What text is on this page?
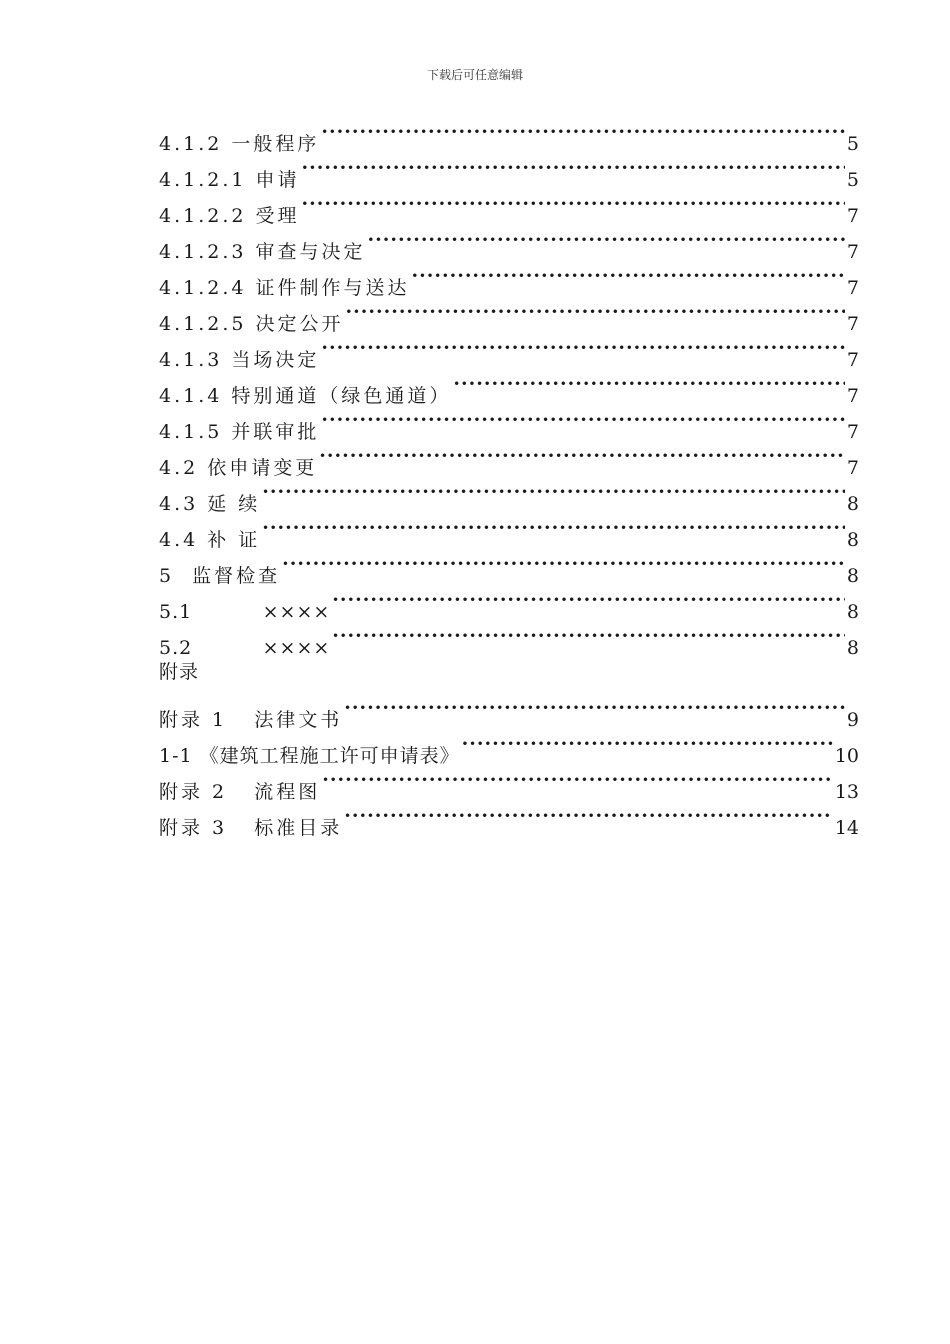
下载后可任意编辑
4.1.2 一般程序 ·····	5
4.1.2.1 申请 ·····	5
4.1.2.2 受理 ·····	7
4.1.2.3 审查与决定 ·····	7
4.1.2.4 证件制作与送达 ·····	7
4.1.2.5 决定公开 ·····	7
4.1.3 当场决定 ·····	7
4.1.4 特别通道（绿色通道） ·····	7
4.1.5 并联审批 ·····	7
4.2 依申请变更 ·····	7
4.3 延 续 ·····	8
4.4 补 证 ·····	8
5  监督检查 ·····	8
5.1          ×××× ·····	8
5.2          ×××× ·····	8
附录
附录 1   法律文书 ·····	9
1-1 《建筑工程施工许可申请表》 ·····	10
附录 2   流程图 ·····	13
附录 3   标准目录 ·····	14
